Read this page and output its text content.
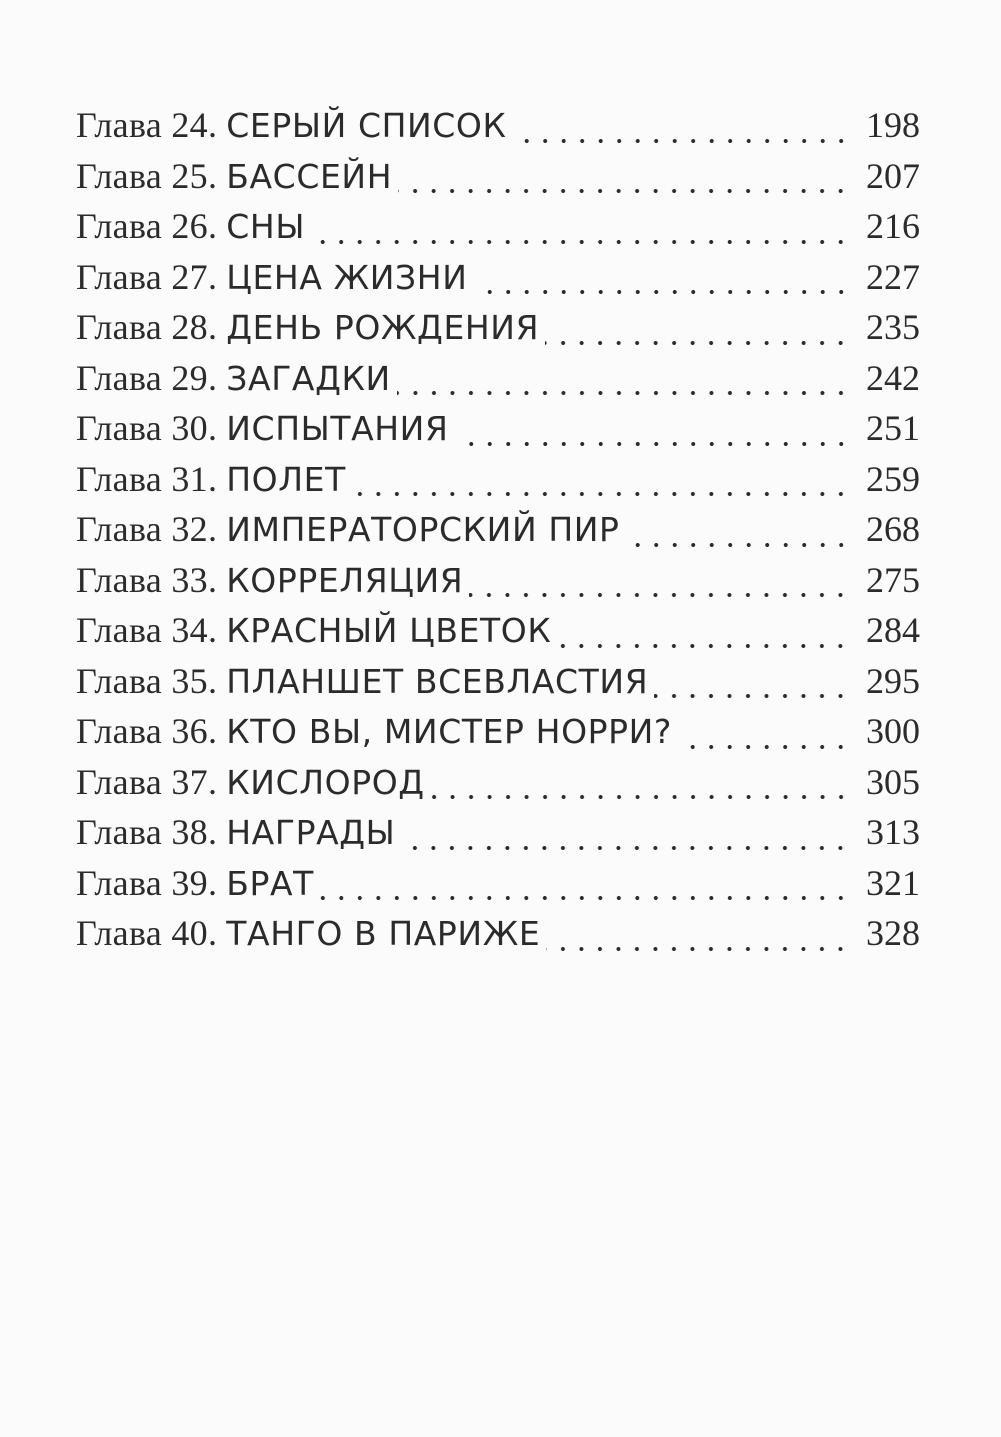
Глава 24. СЕРЫЙ СПИСОК	198
Глава 25. БАССЕЙН	207
Глава 26. СНЫ	216
Глава 27. ЦЕНА ЖИЗНИ	227
Глава 28. ДЕНЬ РОЖДЕНИЯ	235
Глава 29. ЗАГАДКИ	242
Глава 30. ИСПЫТАНИЯ	251
Глава 31. ПОЛЕТ	259
Глава 32. ИМПЕРАТОРСКИЙ ПИР	268
Глава 33. КОРРЕЛЯЦИЯ	275
Глава 34. КРАСНЫЙ ЦВЕТОК	284
Глава 35. ПЛАНШЕТ ВСЕВЛАСТИЯ	295
Глава 36. КТО ВЫ, МИСТЕР НОРРИ?	300
Глава 37. КИСЛОРОД	305
Глава 38. НАГРАДЫ	313
Глава 39. БРАТ	321
Глава 40. ТАНГО В ПАРИЖЕ	328
